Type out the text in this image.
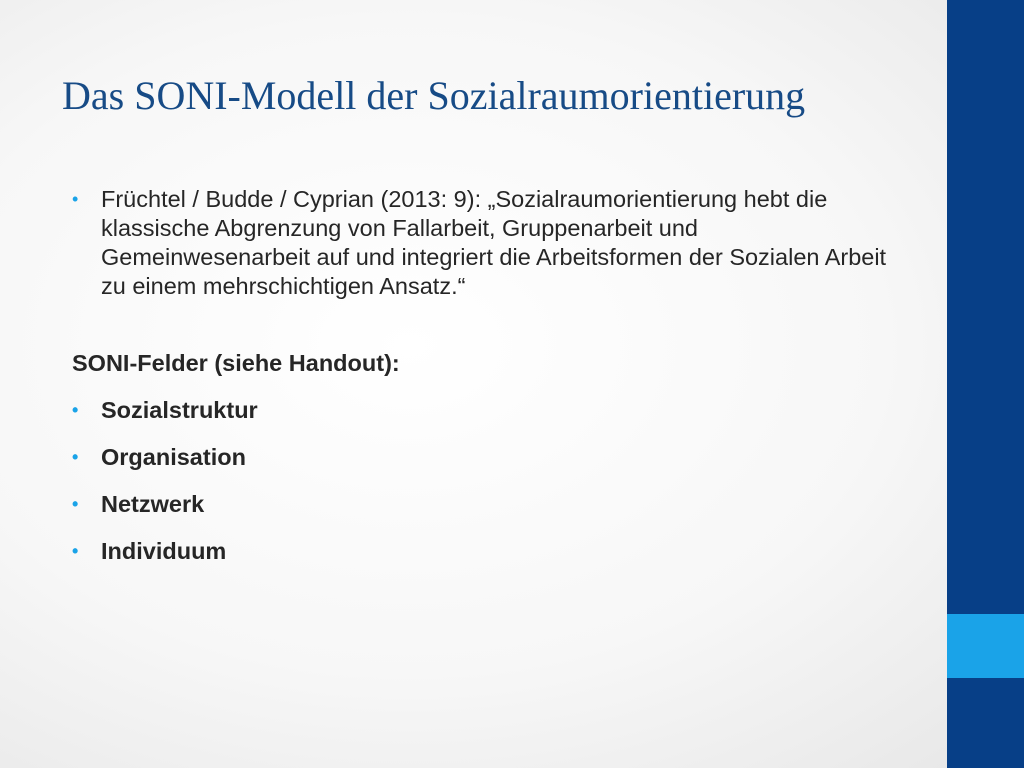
Das SONI-Modell der Sozialraumorientierung
• Früchtel / Budde / Cyprian (2013: 9): „Sozialraumorientierung hebt die klassische Abgrenzung von Fallarbeit, Gruppenarbeit und Gemeinwesenarbeit auf und integriert die Arbeitsformen der Sozialen Arbeit zu einem mehrschichtigen Ansatz.“
SONI-Felder (siehe Handout):
• Sozialstruktur
• Organisation
• Netzwerk
• Individuum
